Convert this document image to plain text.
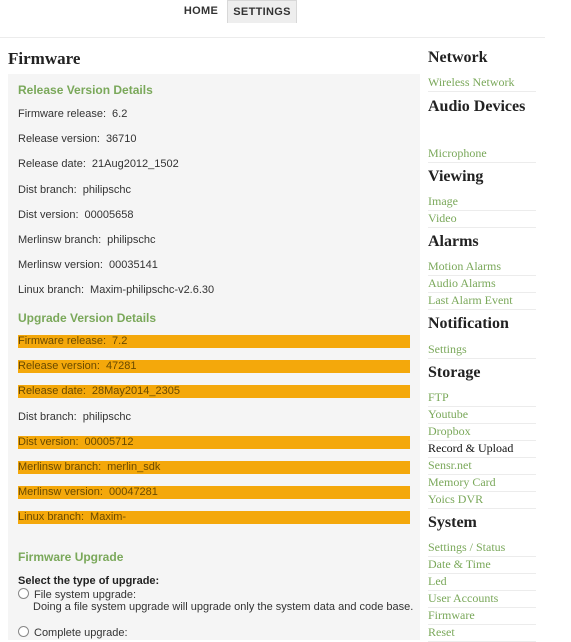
HOME	SETTINGS
Firmware
Release Version Details
Firmware release: 6.2
Release version: 36710
Release date: 21Aug2012_1502
Dist branch: philipschc
Dist version: 00005658
Merlinsw branch: philipschc
Merlinsw version: 00035141
Linux branch: Maxim-philipschc-v2.6.30
Upgrade Version Details
Firmware release: 7.2
Release version: 47281
Release date: 28May2014_2305
Dist branch: philipschc
Dist version: 00005712
Merlinsw branch: merlin_sdk
Merlinsw version: 00047281
Linux branch: Maxim-
Firmware Upgrade
Select the type of upgrade:
File system upgrade:
Doing a file system upgrade will upgrade only the system data and code base.
Complete upgrade:
Network
Wireless Network
Audio Devices
Microphone
Viewing
Image
Video
Alarms
Motion Alarms
Audio Alarms
Last Alarm Event
Notification
Settings
Storage
FTP
Youtube
Dropbox
Record & Upload
Sensr.net
Memory Card
Yoics DVR
System
Settings / Status
Date & Time
Led
User Accounts
Firmware
Reset
